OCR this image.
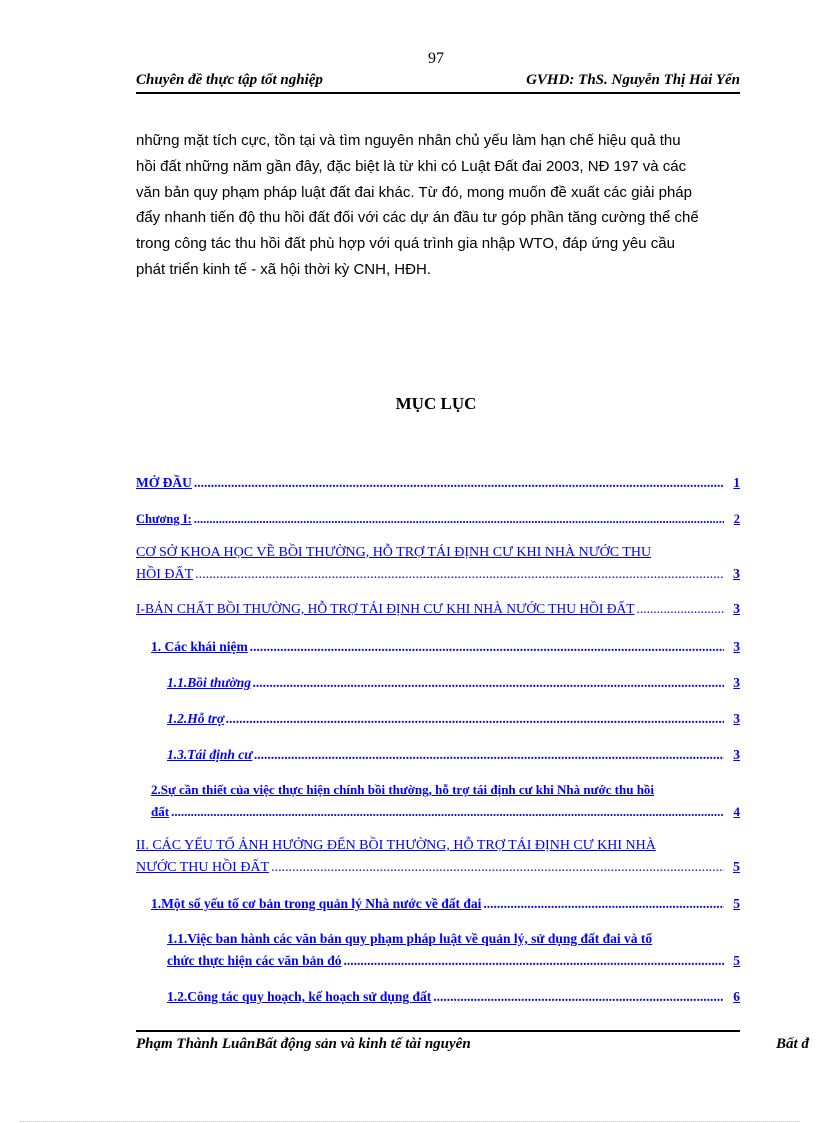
97
Chuyên đề thực tập tốt nghiệp	GVHD: ThS. Nguyễn Thị Hải Yến
những mặt tích cực, tồn tại và tìm nguyên nhân chủ yếu làm hạn chế hiệu quả thu
hồi đất những năm gần đây, đặc biệt là từ khi có Luật Đất đai 2003, NĐ 197 và các
văn bản quy phạm pháp luật đất đai khác. Từ đó, mong muốn đề xuất các giải pháp
đẩy nhanh tiến độ thu hồi đất đối với các dự án đầu tư góp phần tăng cường thể chế
trong công tác thu hồi đất phù hợp với quá trình gia nhập WTO, đáp ứng yêu cầu
phát triển kinh tế - xã hội thời kỳ CNH, HĐH.
MỤC LỤC
MỞ ĐẦU .....	1
Chương I: .....	2
CƠ SỞ KHOA HỌC VỀ BỒI THƯỜNG, HỖ TRỢ TÁI ĐỊNH CƯ KHI NHÀ NƯỚC THU
HỒI ĐẤT .....	3
I-BẢN CHẤT BỒI THƯỜNG, HỖ TRỢ TÁI ĐỊNH CƯ KHI NHÀ NƯỚC THU HỒI ĐẤT .....	3
1. Các khái niệm .....	3
1.1.Bồi thường .....	3
1.2.Hỗ trợ .....	3
1.3.Tái định cư .....	3
2.Sự cần thiết của việc thực hiện chính bồi thường, hỗ trợ tái định cư khi Nhà nước thu hồi
đất .....	4
II. CÁC YẾU TỐ ẢNH HƯỞNG ĐẾN BỒI THƯỜNG, HỖ TRỢ TÁI ĐỊNH CƯ KHI NHÀ
NƯỚC THU HỒI ĐẤT .....	5
1.Một số yếu tố cơ bản trong quản lý Nhà nước về đất đai .....	5
1.1.Việc ban hành các văn bản quy phạm pháp luật về quản lý, sử dụng đất đai và tổ
chức thực hiện các văn bản đó .....	5
1.2.Công tác quy hoạch, kế hoạch sử dụng đất .....	6
Phạm Thành LuânBất động sản và kinh tế tài nguyên	Bất đ
